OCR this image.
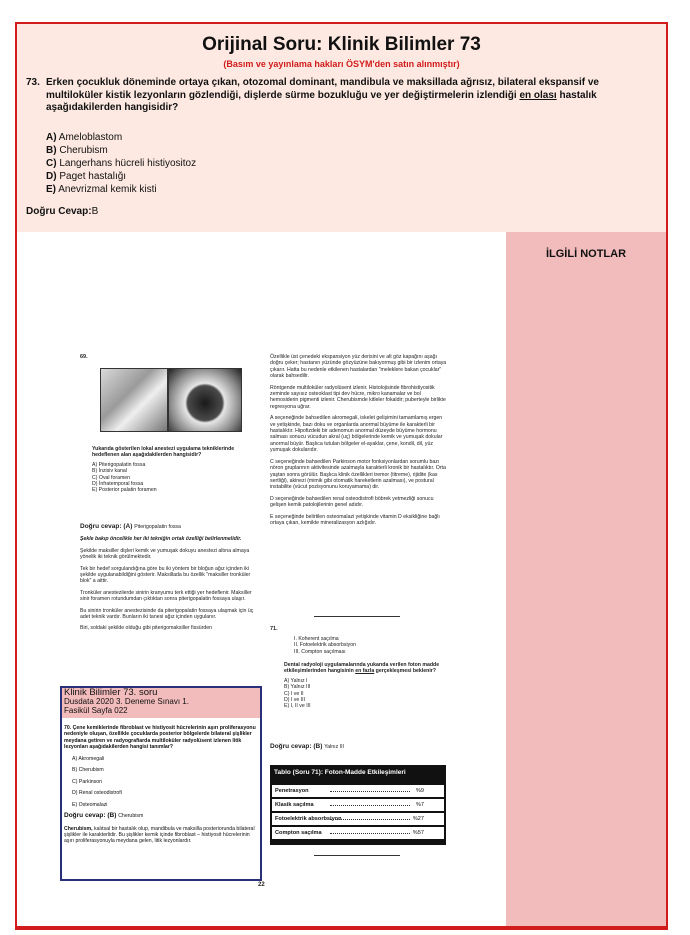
Orijinal Soru: Klinik Bilimler 73
(Basım ve yayınlama hakları ÖSYM'den satın alınmıştır)
73. Erken çocukluk döneminde ortaya çıkan, otozomal dominant, mandibula ve maksillada ağrısız, bilateral ekspansif ve multiloküler kistik lezyonların gözlendiği, dişlerde sürme bozukluğu ve yer değiştirmelerin izlendiği en olası hastalık aşağıdakilerden hangisidir?
A) Ameloblastom
B) Cherubism
C) Langerhans hücreli histiyositoz
D) Paget hastalığı
E) Anevrizmal kemik kisti
Doğru Cevap:B
İLGİLİ NOTLAR
69.

Yukarıda gösterilen lokal anestezi uygulama tekniklerinde hedeflenen alan aşağıdakilerden hangisidir?

A) Piterigopalatin fossa

B) İnzisiv kanal

C) Oval foramen

D) İnfratemporal fossa

E) Posterior palatin foramen

Doğru cevap: (A) Piterigopalatin fossa

Şekle bakıp öncelikle her iki tekniğin ortak özelliği belirlenmelidir.

Şekilde maksiller dişleri kemik ve yumuşak dokuyu anestezi altına almaya yönelik iki teknik görülmektedir.

Tek bir hedef sorgulandığına göre bu iki yöntem bir bloğun ağız içinden iki şekilde uygulanabildiğini gösterir. Maksillada bu özellik "maksiller tronküler blok" a aittir.

Tronküler anestezilerde sinirin kranyumu terk ettiği yer hedeflenir. Maksiller sinir foramen rotundumdan çıktıktan sonra piterigopalatin fossaya ulaşır.

Bu sinirin tronküler anestezisinde da piterigopalatin fossaya ulaşmak için üç adet teknik vardır. Bunların iki tanesi ağız içinden uygulanır.

Biri, soldaki şekilde olduğu gibi piterigomaksiller fissürden

Özellikle üst çenedeki ekspansiyon yüz derisini ve alt göz kapağını aşağı doğru çeker; hastanın yüzünde gözyüzüne bakıyormuş gibi bir izlenim ortaya çıkarır. Hatta bu nedenle etkilenen hastalardan "meleklere bakan çocuklar" olarak bahsedilir.

Röntgende multiloküler radyolüsent izlenir. Histolojisinde fibrohistiyositik zeminde sayısız osteoklast tipi dev hücre, mikro kanamalar ve bol hemosiderin pigmenti izlenir. Cherubismde kitleler fokaldir; puberteyle birlikte regresyona uğrar.

A seçeneğinde bahsedilen akromegali, iskelet gelişimini tamamlamış ergen ve yetişkinde, bazı doku ve organlarda anormal büyüme ile karakterli bir hastalıktır. Hipofizdeki bir adenomun anormal düzeyde büyüme hormonu salması sonucu vücudun akral (uç) bölgelerinde kemik ve yumuşak dokular anormal büyür. Başlıca tutulan bölgeler el-ayaklar, çene, kondil, dil, yüz yumuşak dokularıdır.

C seçeneğinde bahsedilen Parkinson motor fonksiyonlardan sorumlu bazı nöron gruplarının aktivitesinde azalmayla karakterli kronik bir hastalıktır. Orta yaştan sonra görülür. Başlıca klinik özellikleri tremor (titreme), rijidite (kas sertliği), akinezi (mimik gibi otomatik hareketlerin azalması), ve postural instabilite (vücut pozisyonunu koruyamama) dir.

D seçeneğinde bahsedilen renal osteodistrofi böbrek yetmezliği sonucu gelişen kemik patolojilerinin genel adıdır.

E seçeneğinde belirtilen osteomalazi yetişkinde vitamin D eksikliğine bağlı ortaya çıkan, kemikte mineralizasyon azlığıdır.

71.

I. Koherent saçılma

II. Fotoelektrik absorbsiyon

III. Compton saçılması

Dental radyoloji uygulamalarında yukarıda verilen foton madde etkileşimlerinden hangisinin en fazla gerçekleşmesi beklenir?

A) Yalnız I

B) Yalnız III

C) I ve II

D) I ve III

E) I, II ve III

Doğru cevap: (B) Yalnız III

22
Tablo (Soru 71): Foton-Madde Etkileşimleri
Penetrasyon	%9
Klasik saçılma	%7
Fotoelektrik absorbsiyon	%27
Compton saçılma	%57
Klinik Bilimler 73. soru
Dusdata 2020 3. Deneme Sınavı 1.
Fasikül Sayfa 022

70. Çene kemiklerinde fibroblast ve histiyosit hücrelerinin aşırı proliferasyonu nedeniyle oluşan, özellikle çocuklarda posterior bölgelerde bilateral şişlikler meydana getiren ve radyografiarda multiloküler radyolüsent izlenen litik lezyonları aşağıdakilerden hangisi tanımlar?

A) Akromegali

B) Cherubism

C) Parkinson

D) Renal osteodistrofi

E) Osteomalazi

Doğru cevap: (B) Cherubism

Cherubism, kalıtsal bir hastalık olup, mandibula ve maksilla posteriorunda bilateral şişlikler ile karakterlidir. Bu şişlikler kemik içinde fibroblast – histiyosit hücrelerinin aşırı proliferasyonuyla meydana gelen, litik lezyonlardır.
